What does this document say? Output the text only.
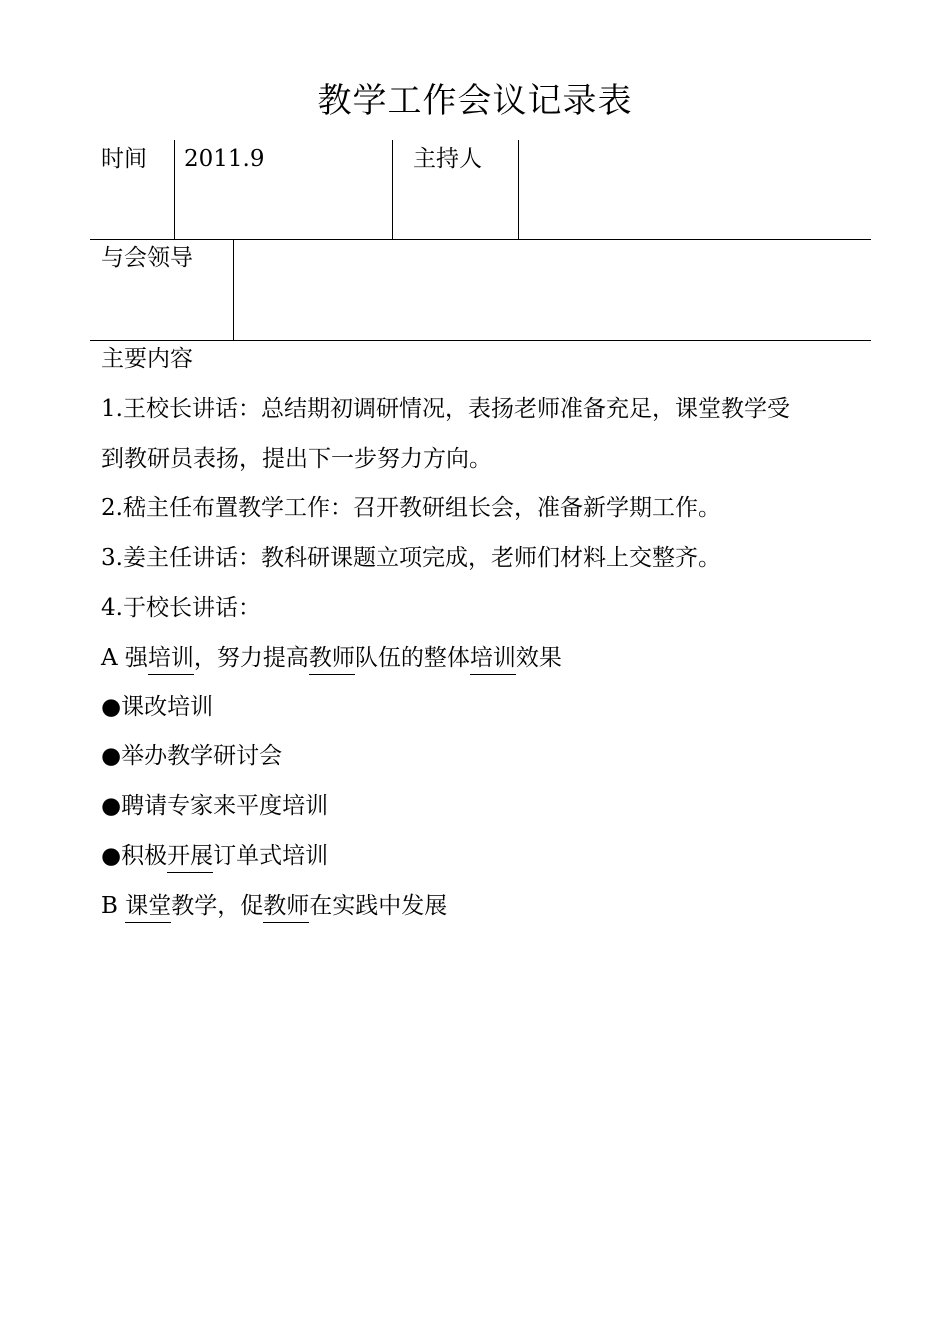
教学工作会议记录表
时间 2011.9	主持人
与会领导
主要内容
1.王校长讲话：总结期初调研情况，表扬老师准备充足，课堂教学受
到教研员表扬，提出下一步努力方向。
2.嵇主任布置教学工作：召开教研组长会，准备新学期工作。
3.姜主任讲话：教科研课题立项完成，老师们材料上交整齐。
4.于校长讲话：
A 强培训，努力提高教师队伍的整体培训效果
●课改培训
●举办教学研讨会
●聘请专家来平度培训
●积极开展订单式培训
B 课堂教学，促教师在实践中发展
